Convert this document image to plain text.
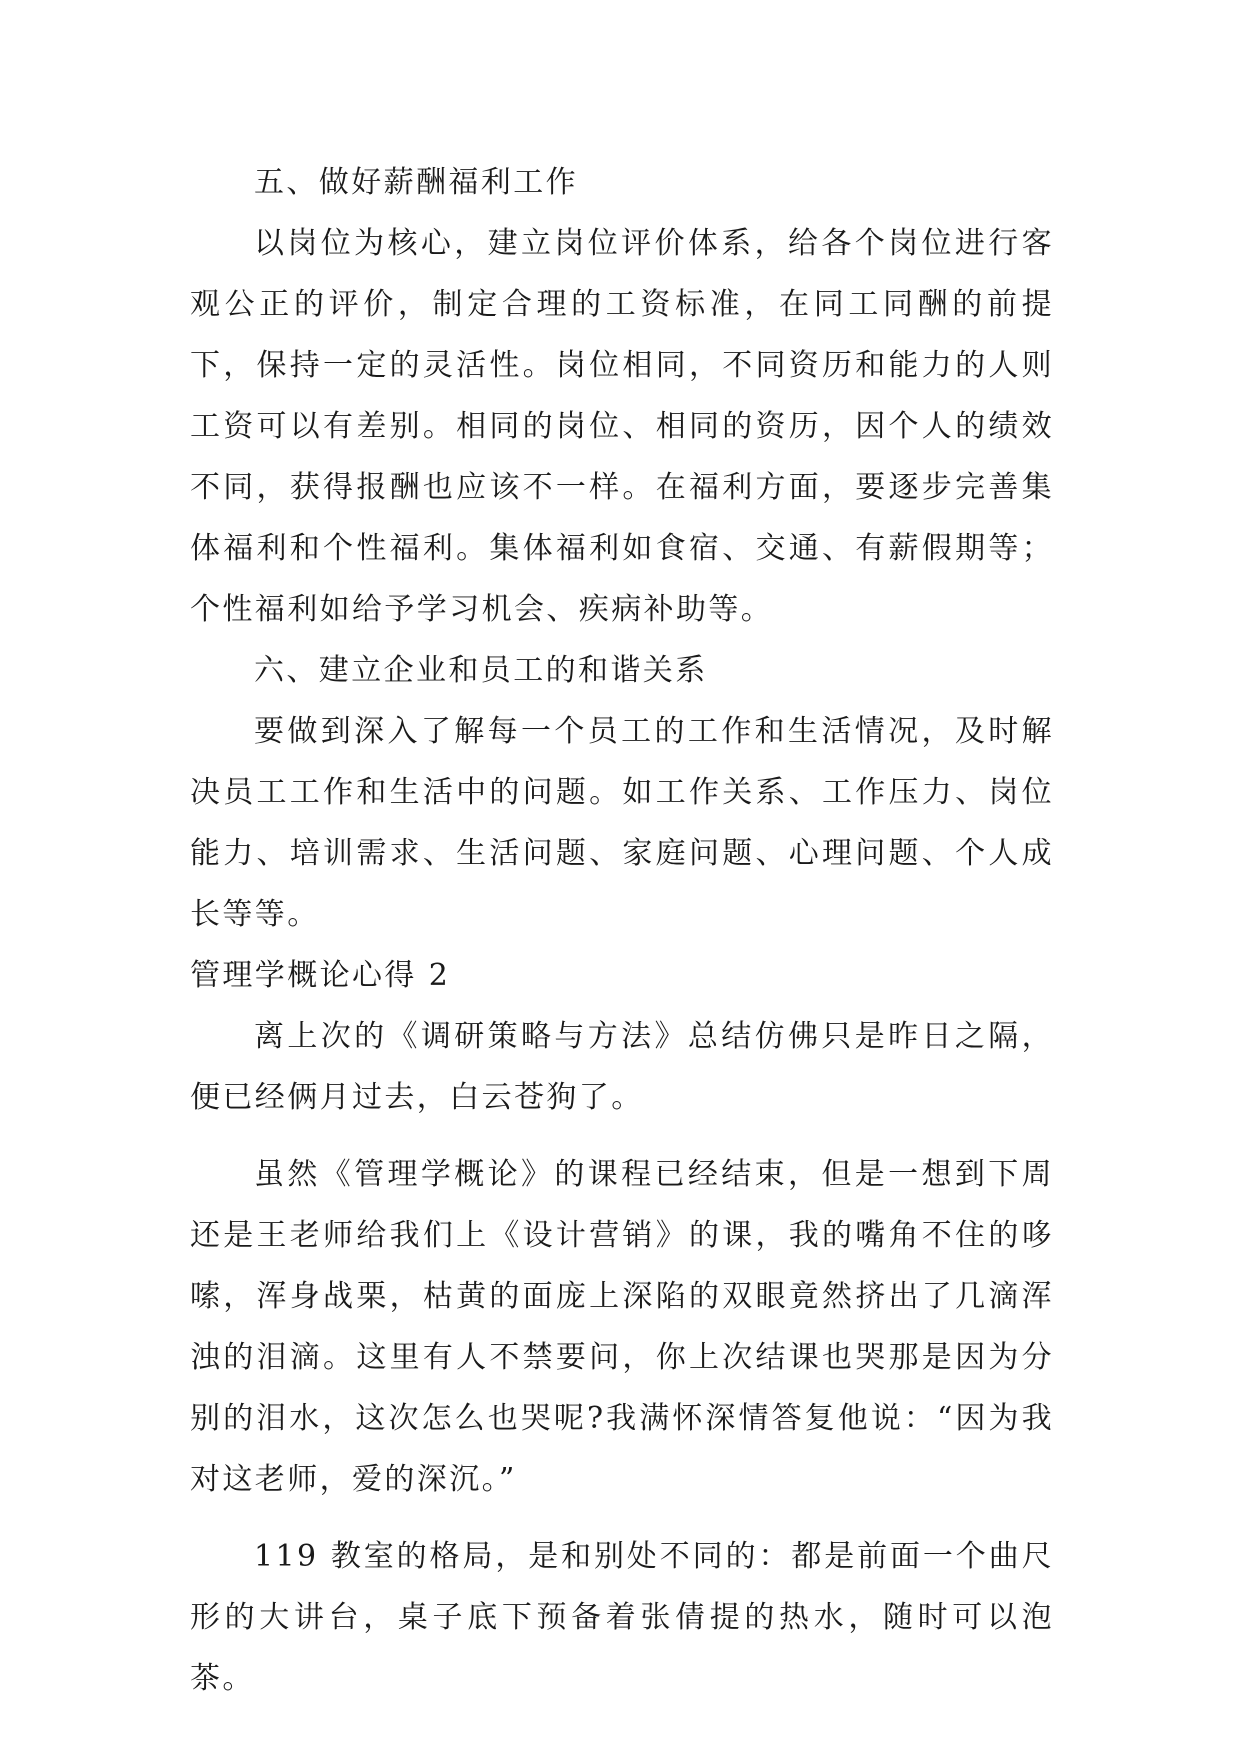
五、做好薪酬福利工作

以岗位为核心，建立岗位评价体系，给各个岗位进行客观公正的评价，制定合理的工资标准，在同工同酬的前提下，保持一定的灵活性。岗位相同，不同资历和能力的人则工资可以有差别。相同的岗位、相同的资历，因个人的绩效不同，获得报酬也应该不一样。在福利方面，要逐步完善集体福利和个性福利。集体福利如食宿、交通、有薪假期等；个性福利如给予学习机会、疾病补助等。

六、建立企业和员工的和谐关系

要做到深入了解每一个员工的工作和生活情况，及时解决员工工作和生活中的问题。如工作关系、工作压力、岗位能力、培训需求、生活问题、家庭问题、心理问题、个人成长等等。

管理学概论心得 2

离上次的《调研策略与方法》总结仿佛只是昨日之隔，便已经俩月过去，白云苍狗了。

虽然《管理学概论》的课程已经结束，但是一想到下周还是王老师给我们上《设计营销》的课，我的嘴角不住的哆嗦，浑身战栗，枯黄的面庞上深陷的双眼竟然挤出了几滴浑浊的泪滴。这里有人不禁要问，你上次结课也哭那是因为分别的泪水，这次怎么也哭呢?我满怀深情答复他说：“因为我对这老师，爱的深沉。”

119 教室的格局，是和别处不同的：都是前面一个曲尺形的大讲台，桌子底下预备着张倩提的热水，随时可以泡茶。
